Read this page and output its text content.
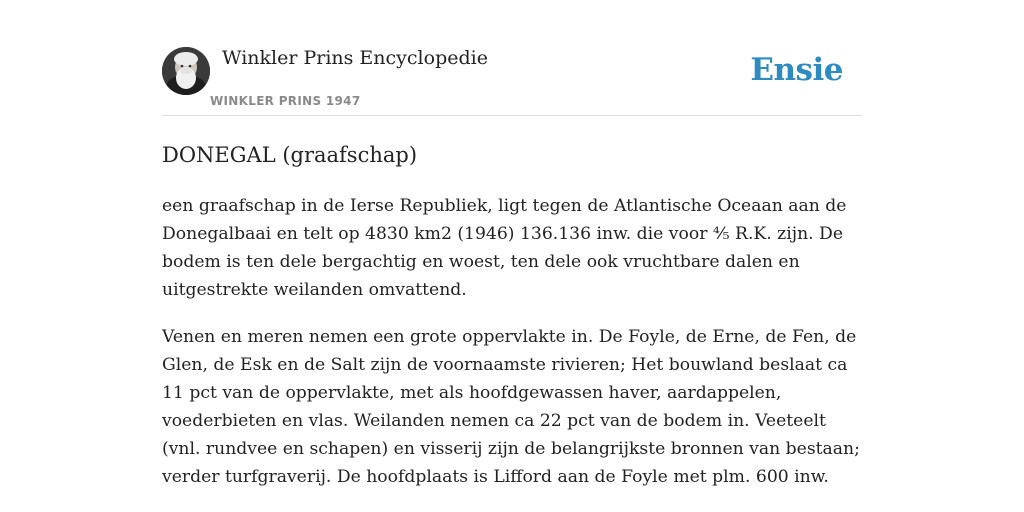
Winkler Prins Encyclopedie
WINKLER PRINS 1947
Ensie
DONEGAL (graafschap)

een graafschap in de Ierse Republiek, ligt tegen de Atlantische Oceaan aan de Donegalbaai en telt op 4830 km2 (1946) 136.136 inw. die voor ⅘ R.K. zijn. De bodem is ten dele bergachtig en woest, ten dele ook vruchtbare dalen en uitgestrekte weilanden omvattend.

Venen en meren nemen een grote oppervlakte in. De Foyle, de Erne, de Fen, de Glen, de Esk en de Salt zijn de voornaamste rivieren; Het bouwland beslaat ca 11 pct van de oppervlakte, met als hoofdgewassen haver, aardappelen, voederbieten en vlas. Weilanden nemen ca 22 pct van de bodem in. Veeteelt (vnl. rundvee en schapen) en visserij zijn de belangrijkste bronnen van bestaan; verder turfgraverij. De hoofdplaats is Lifford aan de Foyle met plm. 600 inw.
